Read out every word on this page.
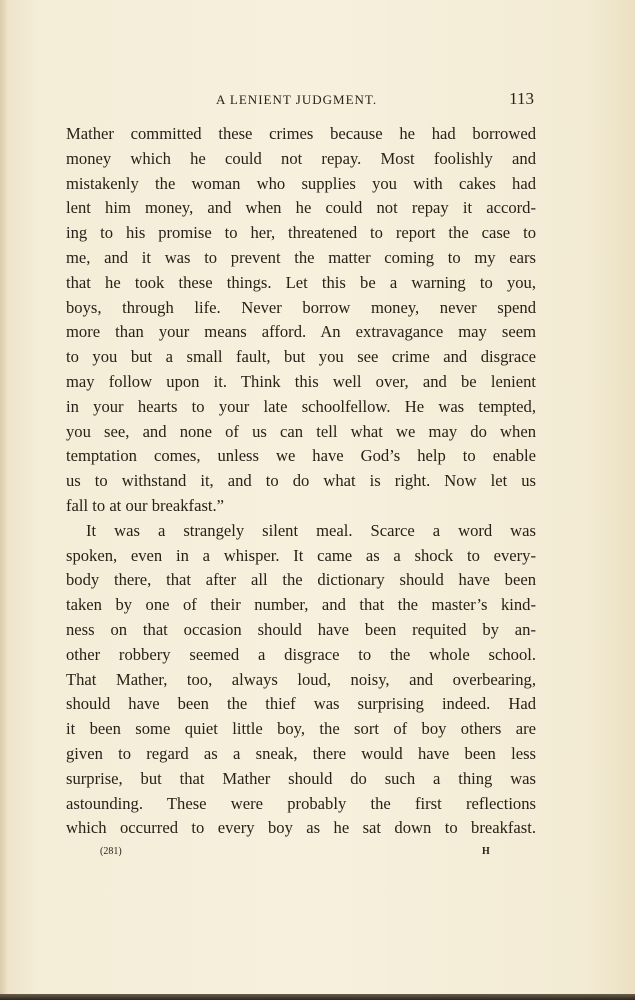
A LENIENT JUDGMENT.	113
Mather committed these crimes because he had borrowed
money which he could not repay. Most foolishly and
mistakenly the woman who supplies you with cakes had
lent him money, and when he could not repay it accord-
ing to his promise to her, threatened to report the case to
me, and it was to prevent the matter coming to my ears
that he took these things. Let this be a warning to you,
boys, through life. Never borrow money, never spend
more than your means afford. An extravagance may seem
to you but a small fault, but you see crime and disgrace
may follow upon it. Think this well over, and be lenient
in your hearts to your late schoolfellow. He was tempted,
you see, and none of us can tell what we may do when
temptation comes, unless we have God’s help to enable
us to withstand it, and to do what is right. Now let us
fall to at our breakfast.”
It was a strangely silent meal. Scarce a word was
spoken, even in a whisper. It came as a shock to every-
body there, that after all the dictionary should have been
taken by one of their number, and that the master’s kind-
ness on that occasion should have been requited by an-
other robbery seemed a disgrace to the whole school.
That Mather, too, always loud, noisy, and overbearing,
should have been the thief was surprising indeed. Had
it been some quiet little boy, the sort of boy others are
given to regard as a sneak, there would have been less
surprise, but that Mather should do such a thing was
astounding. These were probably the first reflections
which occurred to every boy as he sat down to breakfast.
(281)	H
